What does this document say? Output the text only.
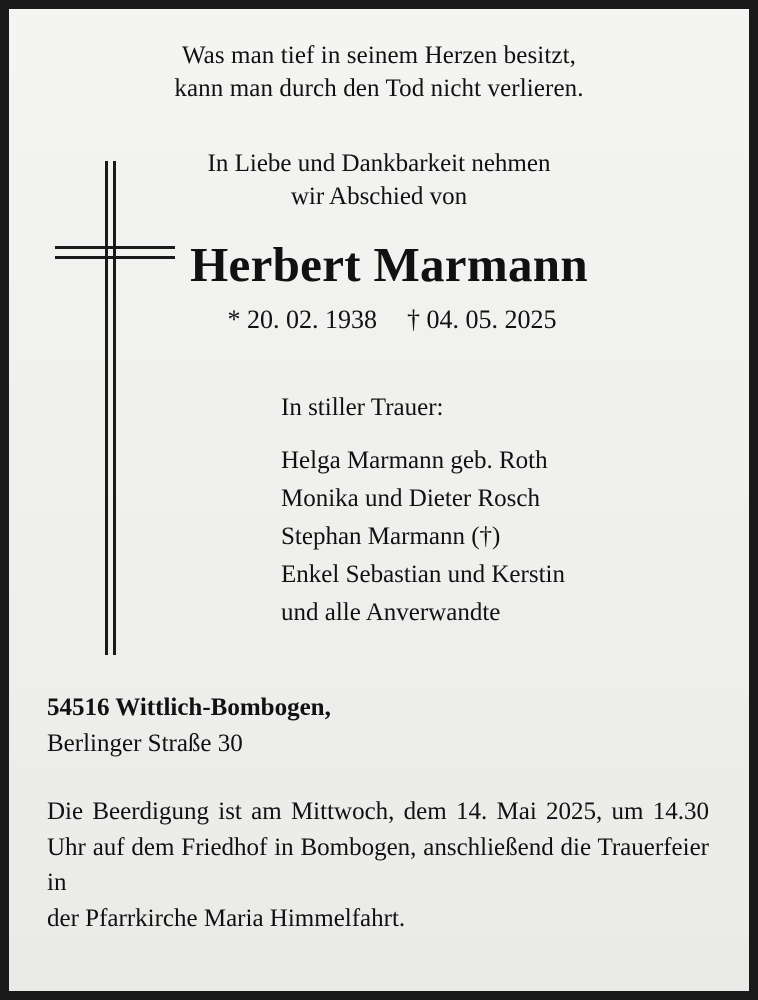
Was man tief in seinem Herzen besitzt,
kann man durch den Tod nicht verlieren.
In Liebe und Dankbarkeit nehmen
wir Abschied von
Herbert Marmann
* 20. 02. 1938 † 04. 05. 2025
In stiller Trauer:
Helga Marmann geb. Roth
Monika und Dieter Rosch
Stephan Marmann (†)
Enkel Sebastian und Kerstin
und alle Anverwandte
54516 Wittlich-Bombogen,
Berlinger Straße 30
Die Beerdigung ist am Mittwoch, dem 14. Mai 2025, um 14.30 Uhr auf dem Friedhof in Bombogen, anschließend die Trauerfeier in
der Pfarrkirche Maria Himmelfahrt.
